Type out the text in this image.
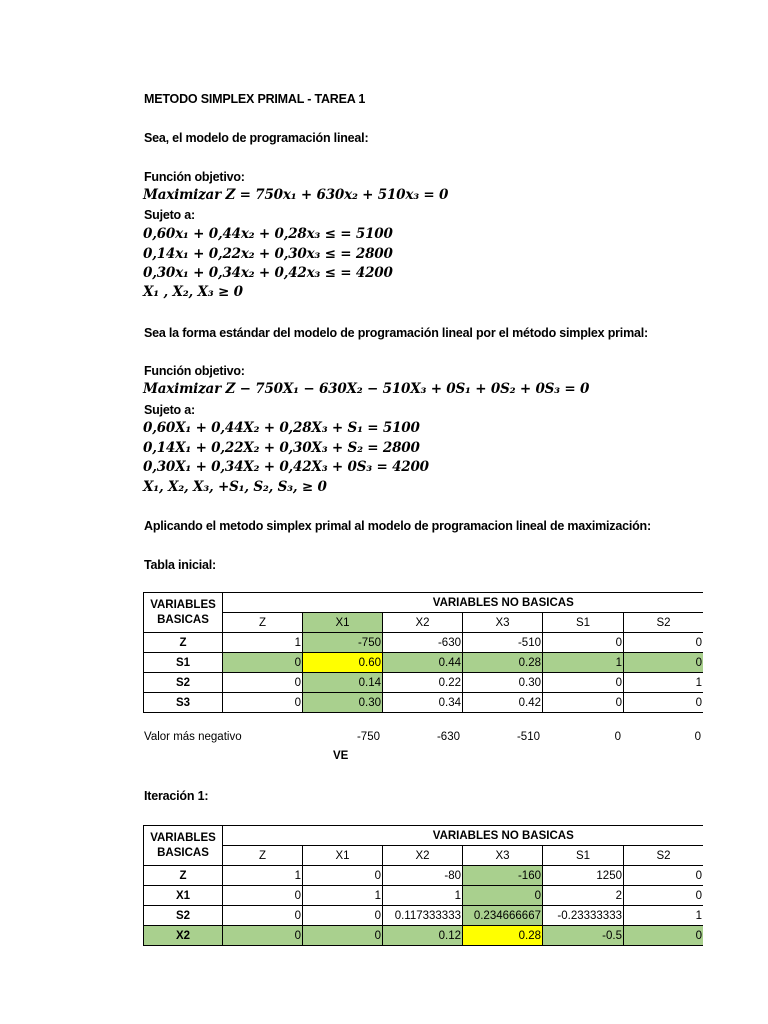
METODO SIMPLEX PRIMAL - TAREA 1
Sea, el modelo de programación lineal:
Función objetivo:
Maximizar Z = 750x₁ + 630x₂ + 510x₃ = 0
Sujeto a:
0,60x₁ + 0,44x₂ + 0,28x₃ ≤ = 5100
0,14x₁ + 0,22x₂ + 0,30x₃ ≤ = 2800
0,30x₁ + 0,34x₂ + 0,42x₃ ≤ = 4200
X₁ , X₂, X₃ ≥ 0
Sea la forma estándar del modelo de programación lineal por el método simplex primal:
Función objetivo:
Maximizar Z − 750X₁ − 630X₂ − 510X₃ + 0S₁ + 0S₂ + 0S₃ = 0
Sujeto a:
0,60X₁ + 0,44X₂ + 0,28X₃ + S₁ = 5100
0,14X₁ + 0,22X₂ + 0,30X₃ + S₂ = 2800
0,30X₁ + 0,34X₂ + 0,42X₃ + 0S₃ = 4200
X₁, X₂, X₃, +S₁, S₂, S₃, ≥ 0
Aplicando el metodo simplex primal al modelo de programacion lineal de maximización:
Tabla inicial:
VARIABLES BASICAS	VARIABLES NO BASICAS						
	Z	X1	X2	X3	S1	S2	
Z	1	-750	-630	-510	0	0	
S1	0	0.60	0.44	0.28	1	0	
S2	0	0.14	0.22	0.30	0	1	
S3	0	0.30	0.34	0.42	0	0	
Valor más negativo	-750	-630	-510	0	0
VE
Iteración 1:
VARIABLES BASICAS	VARIABLES NO BASICAS						
	Z	X1	X2	X3	S1	S2	
Z	1	0	-80	-160	1250	0	
X1	0	1	1	0	2	0	
S2	0	0	0.117333333	0.234666667	-0.23333333	1	
X2	0	0	0.12	0.28	-0.5	0	
